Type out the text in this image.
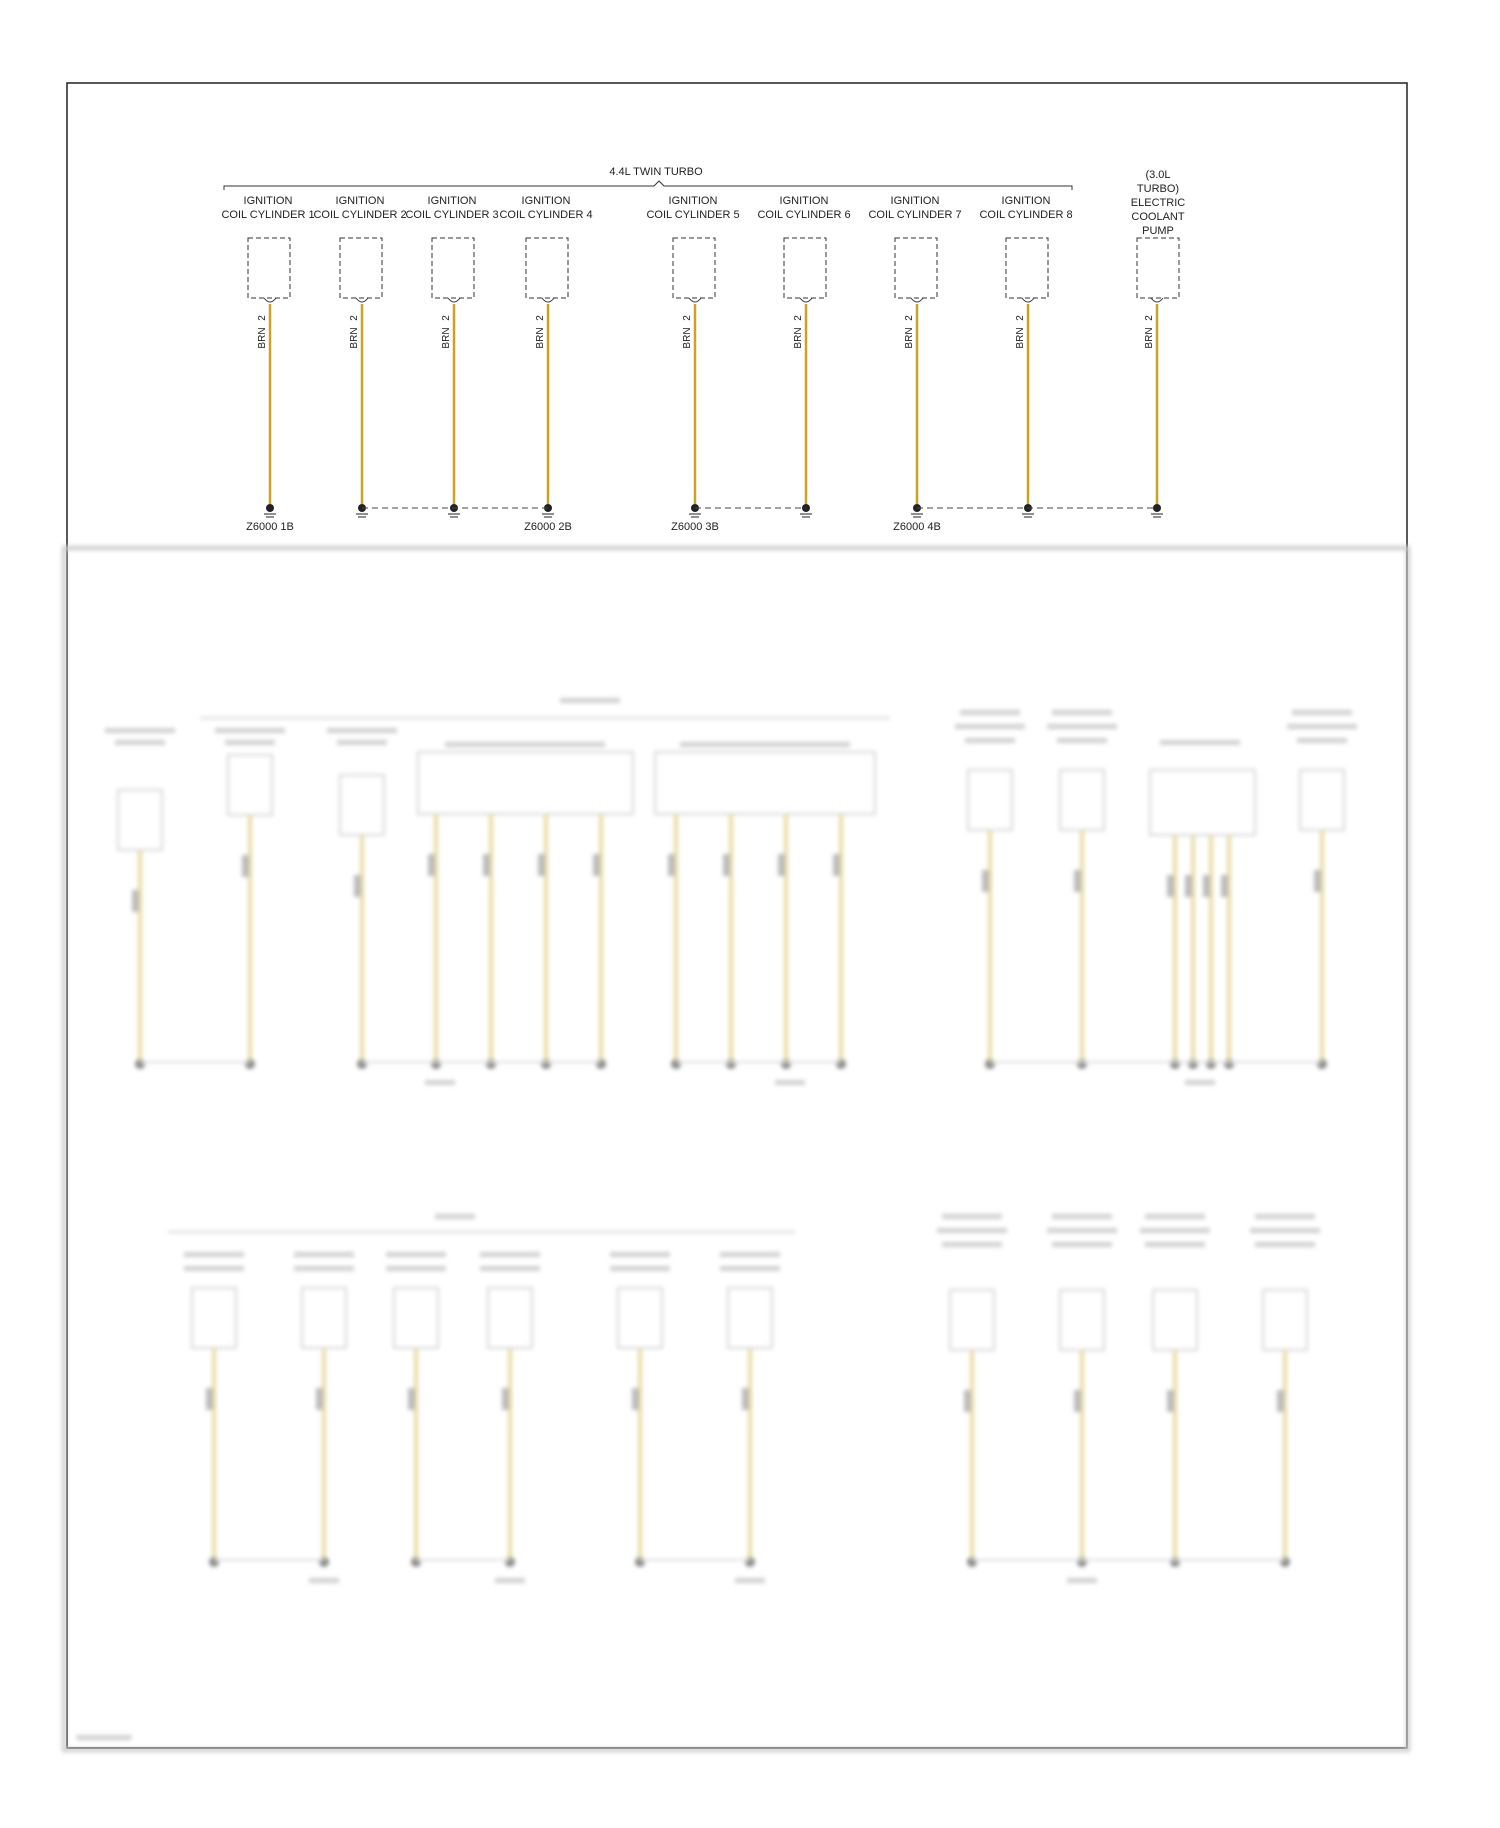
4.4L TWIN TURBO
IGNITION
COIL CYLINDER 1
2
BRN
Z6000 1B
IGNITION
COIL CYLINDER 2
2
BRN
IGNITION
COIL CYLINDER 3
2
BRN
IGNITION
COIL CYLINDER 4
2
BRN
Z6000 2B
IGNITION
COIL CYLINDER 5
2
BRN
Z6000 3B
IGNITION
COIL CYLINDER 6
2
BRN
IGNITION
COIL CYLINDER 7
2
BRN
Z6000 4B
IGNITION
COIL CYLINDER 8
2
BRN
(3.0L
TURBO)
ELECTRIC
COOLANT
PUMP
2
BRN
